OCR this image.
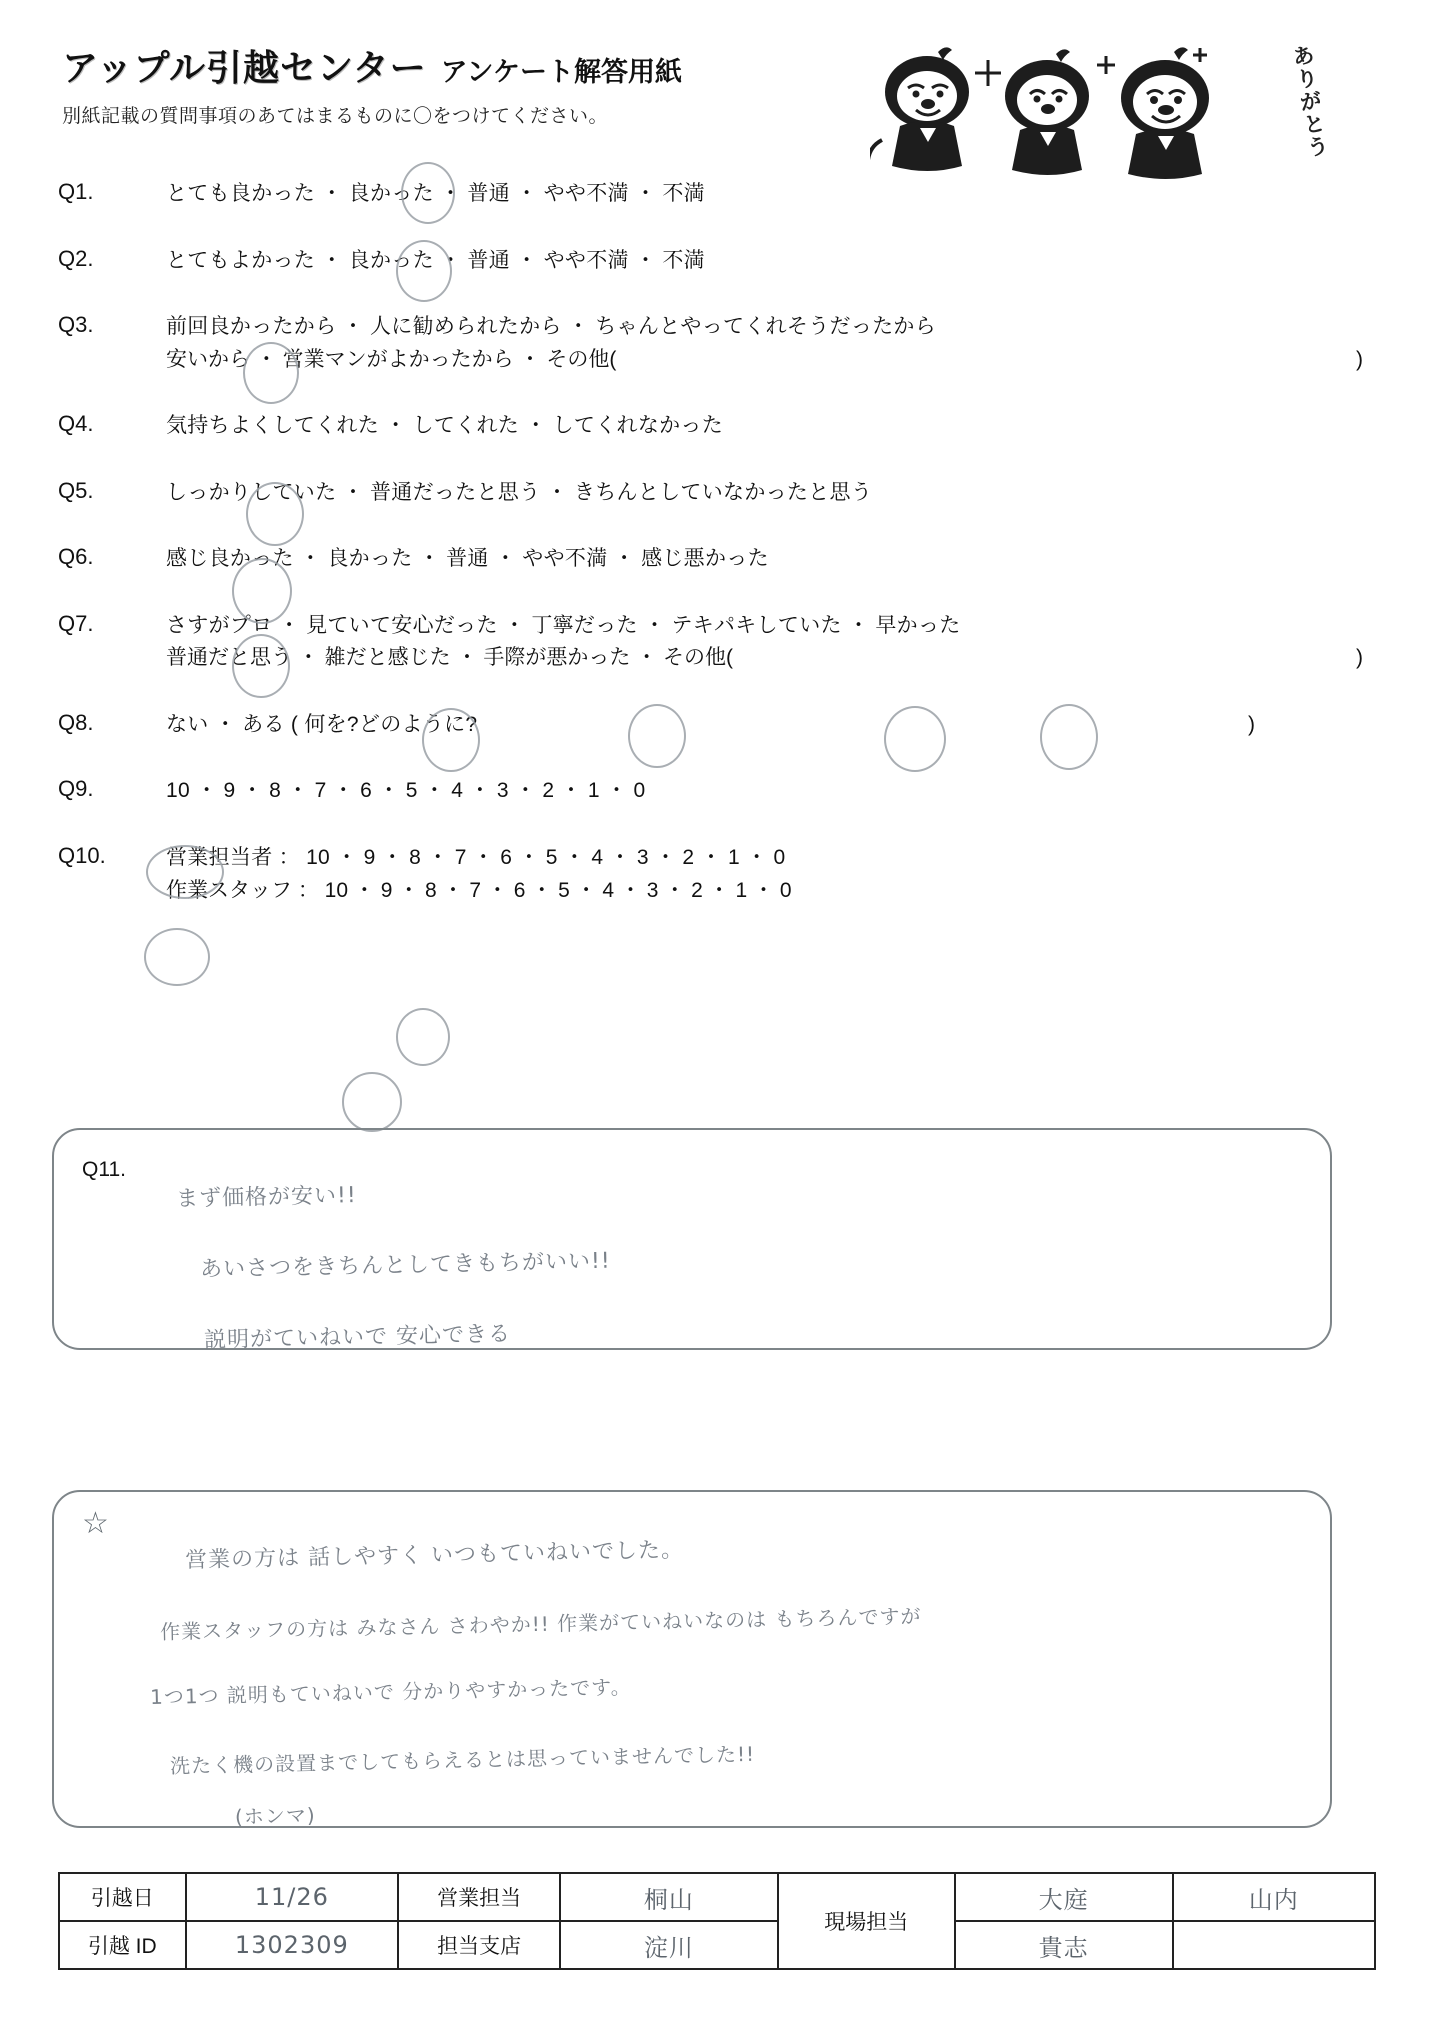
アップル引越センター アンケート解答用紙
別紙記載の質問事項のあてはまるものに〇をつけてください。
あ
り
が
と
う
Q1.	とても良かった ・ 良かった ・ 普通 ・ やや不満 ・ 不満
Q2.	とてもよかった ・ 良かった ・ 普通 ・ やや不満 ・ 不満
Q3.	前回良かったから ・ 人に勧められたから ・ ちゃんとやってくれそうだったから
安いから ・ 営業マンがよかったから ・ その他(	)
Q4.	気持ちよくしてくれた ・ してくれた ・ してくれなかった
Q5.	しっかりしていた ・ 普通だったと思う ・ きちんとしていなかったと思う
Q6.	感じ良かった ・ 良かった ・ 普通 ・ やや不満 ・ 感じ悪かった
Q7.	さすがプロ ・ 見ていて安心だった ・ 丁寧だった ・ テキパキしていた ・ 早かった
普通だと思う ・ 雑だと感じた ・ 手際が悪かった ・ その他(	)
Q8.	ない ・ ある ( 何を?どのように?	)
Q9.	10 ・ 9 ・ 8 ・ 7 ・ 6 ・ 5 ・ 4 ・ 3 ・ 2 ・ 1 ・ 0
Q10.	営業担当者 ： 10 ・ 9 ・ 8 ・ 7 ・ 6 ・ 5 ・ 4 ・ 3 ・ 2 ・ 1 ・ 0
作業スタッフ ： 10 ・ 9 ・ 8 ・ 7 ・ 6 ・ 5 ・ 4 ・ 3 ・ 2 ・ 1 ・ 0
Q11.
まず価格が安い!!
あいさつをきちんとしてきもちがいい!!
説明がていねいで 安心できる
☆
営業の方は 話しやすく いつもていねいでした。
作業スタッフの方は みなさん さわやか!! 作業がていねいなのは もちろんですが
1つ1つ 説明もていねいで 分かりやすかったです。
洗たく機の設置までしてもらえるとは思っていませんでした!!
(ホンマ)
引越日	11/26	営業担当	桐山	現場担当	大庭	山内
引越 ID	1302309	担当支店	淀川		貴志	
